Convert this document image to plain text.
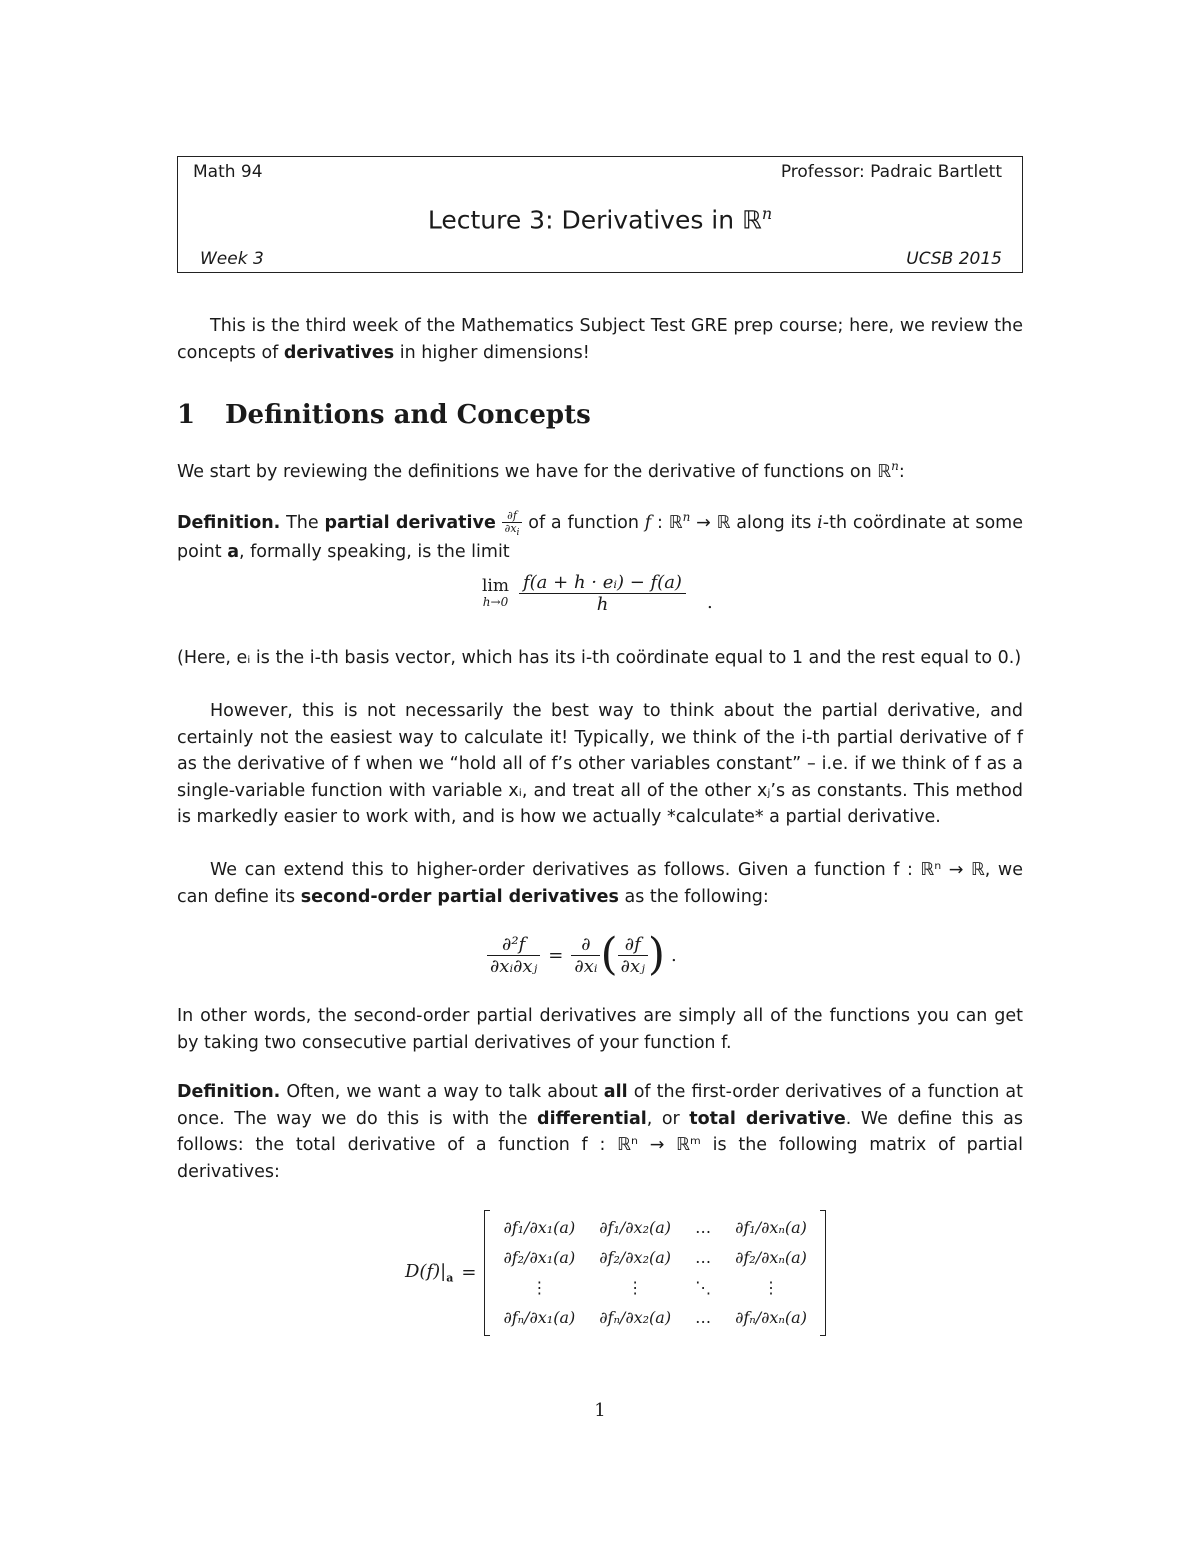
Math 94	Professor: Padraic Bartlett
Lecture 3: Derivatives in ℝ$^n$
Week 3	UCSB 2015
This is the third week of the Mathematics Subject Test GRE prep course; here, we review the concepts of derivatives in higher dimensions!
1 Definitions and Concepts
We start by reviewing the definitions we have for the derivative of functions on ℝ$^n$:
Definition. The partial derivative $\frac{\partial f}{\partial x_i}$ of a function f : ℝ$^n$ → ℝ along its i-th coördinate at some point a, formally speaking, is the limit
lim
$h\to 0 \frac{\text{f(a + h · eᵢ) − f(a)}}{h}$ .
(Here, eᵢ is the i-th basis vector, which has its i-th coördinate equal to 1 and the rest equal to 0.)
However, this is not necessarily the best way to think about the partial derivative, and certainly not the easiest way to calculate it! Typically, we think of the i-th partial derivative of f as the derivative of f when we “hold all of f’s other variables constant” – i.e. if we think of f as a single-variable function with variable xᵢ, and treat all of the other xⱼ’s as constants. This method is markedly easier to work with, and is how we actually *calculate* a partial derivative.
We can extend this to higher-order derivatives as follows. Given a function f : ℝⁿ → ℝ, we can define its second-order partial derivatives as the following:
$\frac{\text{∂²f}}{\text{∂xᵢ∂xⱼ}} = \frac{\partial}{\text{∂xᵢ}}$ ( $\frac{\partial f}{\text{∂xⱼ}}$ ) .
In other words, the second-order partial derivatives are simply all of the functions you can get by taking two consecutive partial derivatives of your function f.
Definition. Often, we want a way to talk about all of the first-order derivatives of a function at once. The way we do this is with the differential, or total derivative. We define this as follows: the total derivative of a function f : ℝⁿ → ℝᵐ is the following matrix of partial derivatives:
$D(f)|_a$ =
∂f₁/∂x₁(a)	∂f₁/∂x₂(a)	…	∂f₁/∂xₙ(a)
∂f₂/∂x₁(a)	∂f₂/∂x₂(a)	…	∂f₂/∂xₙ(a)
⋮	⋮	⋱	⋮
∂fₙ/∂x₁(a)	∂fₙ/∂x₂(a)	…	∂fₙ/∂xₙ(a)
1
